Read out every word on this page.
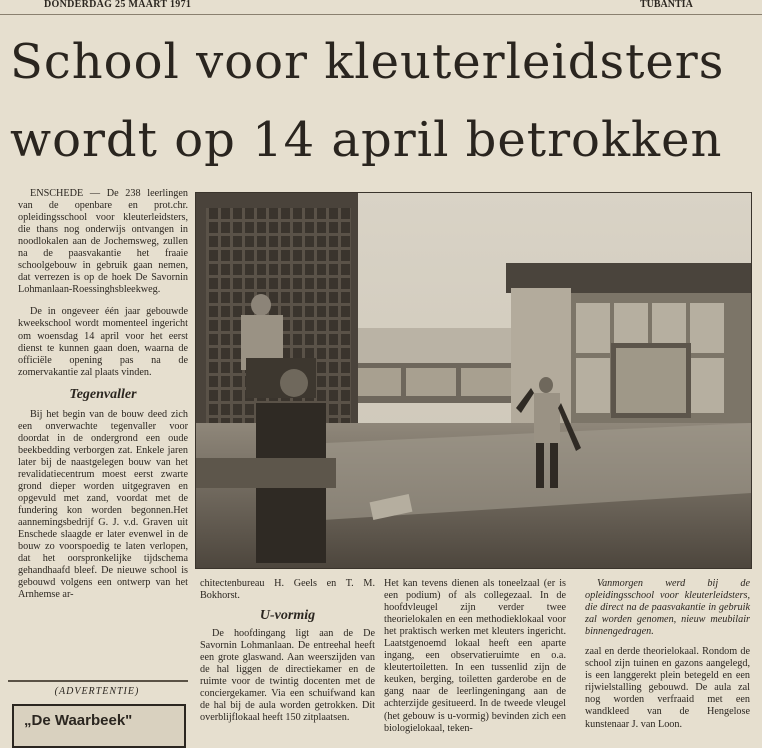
DONDERDAG 25 MAART 1971	TUBANTIA
School voor kleuterleidsters
wordt op 14 april betrokken

ENSCHEDE — De 238 leerlingen van de openbare en prot.chr. opleidingsschool voor kleuterleidsters, die thans nog onderwijs ontvangen in noodlokalen aan de Jochemsweg, zullen na de paasvakantie het fraaie schoolgebouw in gebruik gaan nemen, dat verrezen is op de hoek De Savornin Lohmanlaan-Roessinghsbleekweg.

De in ongeveer één jaar gebouwde kweekschool wordt momenteel ingericht om woensdag 14 april voor het eerst dienst te kunnen gaan doen, waarna de officiële opening pas na de zomervakantie zal plaats vinden.

Tegenvaller

Bij het begin van de bouw deed zich een onverwachte tegenvaller voor doordat in de ondergrond een oude beekbedding verborgen zat. Enkele jaren later bij de naastgelegen bouw van het revalidatiecentrum moest eerst zwarte grond dieper worden uitgegraven en opgevuld met zand, voordat met de fundering kon worden begonnen.Het aannemingsbedrijf G. J. v.d. Graven uit Enschede slaagde er later evenwel in de bouw zo voorspoedig te laten verlopen, dat het oorspronkelijke tijdschema gehandhaafd bleef. De nieuwe school is gebouwd volgens een ontwerp van het Arnhemse ar-

(ADVERTENTIE)
„De Waarbeek"

chitectenbureau H. Geels en T. M. Bokhorst.

U-vormig

De hoofdingang ligt aan de De Savornin Lohmanlaan. De entreehal heeft een grote glaswand. Aan weerszijden van de hal liggen de directiekamer en de ruimte voor de twintig docenten met de conciergekamer. Via een schuifwand kan de hal bij de aula worden getrokken. Dit overblijflokaal heeft 150 zitplaatsen.

Het kan tevens dienen als toneelzaal (er is een podium) of als collegezaal. In de hoofdvleugel zijn verder twee theorielokalen en een methodieklokaal voor het praktisch werken met kleuters ingericht. Laatstgenoemd lokaal heeft een aparte ingang, een observatieruimte en o.a. kleutertoiletten. In een tussenlid zijn de keuken, berging, toiletten garderobe en de gang naar de leerlingeningang aan de achterzijde gesitueerd. In de tweede vleugel (het gebouw is u-vormig) bevinden zich een biologielokaal, teken-

Vanmorgen werd bij de opleidingsschool voor kleuterleidsters, die direct na de paasvakantie in gebruik zal worden genomen, nieuw meubilair binnengedragen.

zaal en derde theorielokaal. Rondom de school zijn tuinen en gazons aangelegd, is een langgerekt plein betegeld en een rijwielstalling gebouwd. De aula zal nog worden verfraaid met een wandkleed van de Hengelose kunstenaar J. van Loon.
